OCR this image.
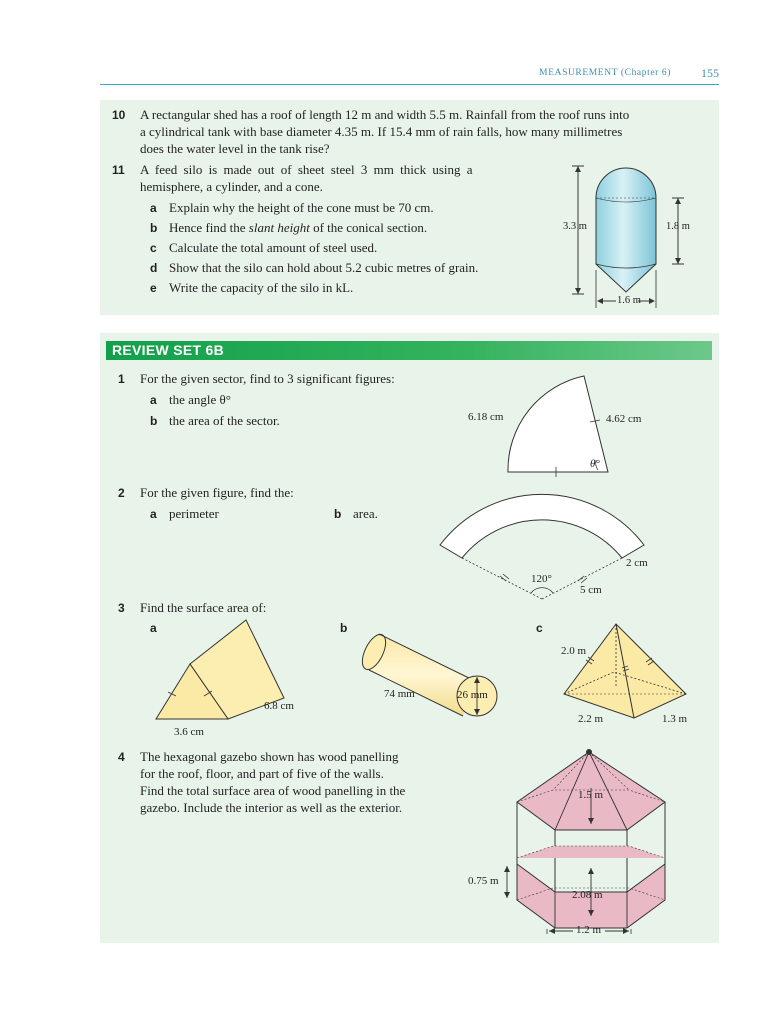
MEASUREMENT (Chapter 6)	155
10 A rectangular shed has a roof of length 12 m and width 5.5 m. Rainfall from the roof runs into
a cylindrical tank with base diameter 4.35 m. If 15.4 mm of rain falls, how many millimetres
does the water level in the tank rise?
11 A feed silo is made out of sheet steel 3 mm thick using a
hemisphere, a cylinder, and a cone.
a Explain why the height of the cone must be 70 cm.
b Hence find the slant height of the conical section.
c Calculate the total amount of steel used.
d Show that the silo can hold about 5.2 cubic metres of grain.
e Write the capacity of the silo in kL.
3.3 m	1.8 m
1.6 m
REVIEW SET 6B
1 For the given sector, find to 3 significant figures:
a the angle θ°
b the area of the sector.	6.18 cm	4.62 cm
θ°
2 For the given figure, find the:
a perimeter	b area.
2 cm
120°
5 cm
3 Find the surface area of:
a	b	c
6.8 cm
3.6 cm
74 mm	26 mm
2.0 m
2.2 m	1.3 m
4 The hexagonal gazebo shown has wood panelling
for the roof, floor, and part of five of the walls.
Find the total surface area of wood panelling in the
gazebo. Include the interior as well as the exterior.
1.5 m
0.75 m
2.08 m
1.2 m
